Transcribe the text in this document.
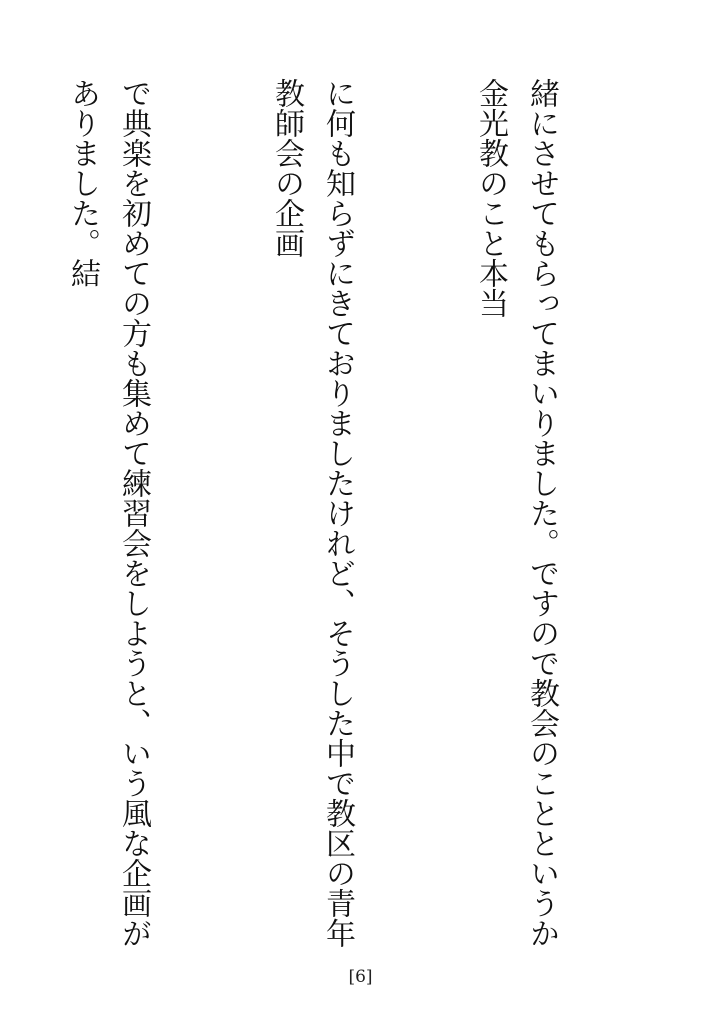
緒にさせてもらってまいりました。ですので教会のことというか金光教のこと本当

に何も知らずにきておりましたけれど、そうした中で教区の青年教師会の企画

で典楽を初めての方も集めて練習会をしようと、いう風な企画がありました。結

[6]
